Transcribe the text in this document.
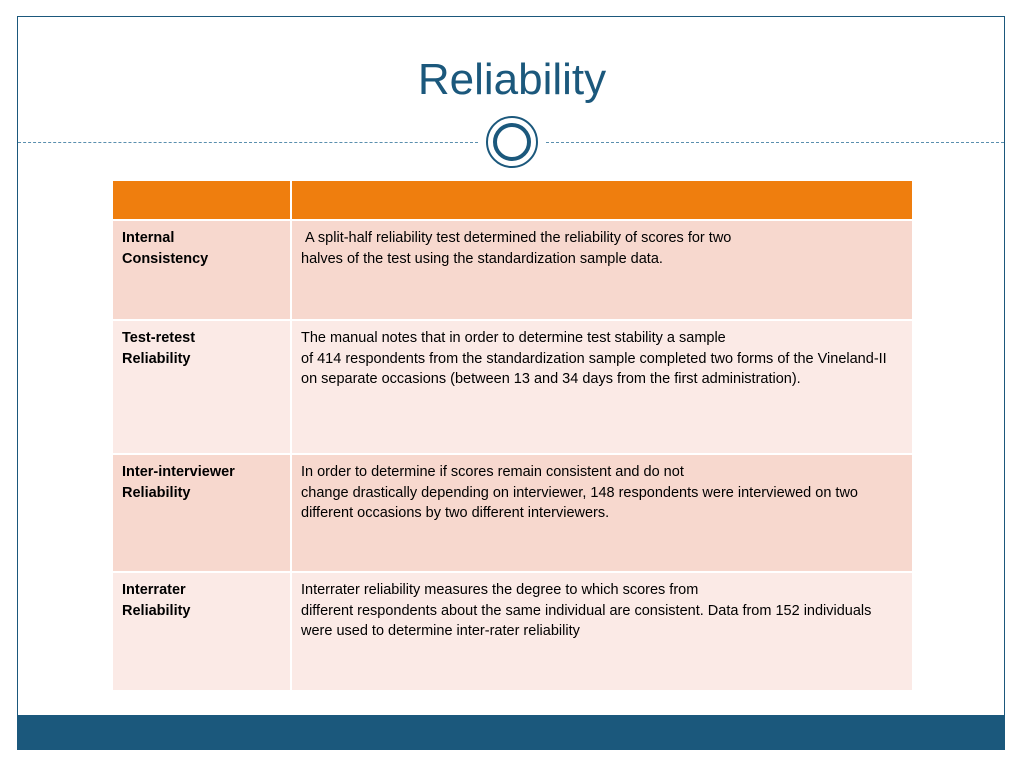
Reliability

Internal
Consistency	A split-half reliability test determined the reliability of scores for two
halves of the test using the standardization sample data.
Test-retest
Reliability	The manual notes that in order to determine test stability a sample
of 414 respondents from the standardization sample completed two forms of the Vineland-II on separate occasions (between 13 and 34 days from the first administration).
Inter-interviewer
Reliability	In order to determine if scores remain consistent and do not
change drastically depending on interviewer, 148 respondents were interviewed on two
different occasions by two different interviewers.
Interrater
Reliability	Interrater reliability measures the degree to which scores from
different respondents about the same individual are consistent. Data from 152 individuals were used to determine inter-rater reliability
